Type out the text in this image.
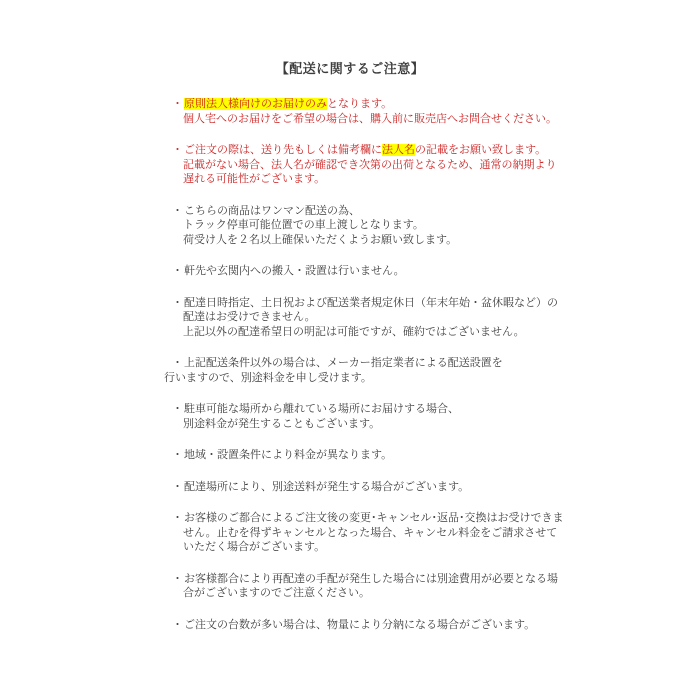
【配送に関するご注意】
・原則法人様向けのお届けのみとなります。
個人宅へのお届けをご希望の場合は、購入前に販売店へお問合せください。
・ご注文の際は、送り先もしくは備考欄に法人名の記載をお願い致します。
記載がない場合、法人名が確認でき次第の出荷となるため、通常の納期より
遅れる可能性がございます。
・こちらの商品はワンマン配送の為、
トラック停車可能位置での車上渡しとなります。
荷受け人を２名以上確保いただくようお願い致します。
・軒先や玄関内への搬入・設置は行いません。
・配達日時指定、土日祝および配送業者規定休日（年末年始・盆休暇など）の
配達はお受けできません。
上記以外の配達希望日の明記は可能ですが、確約ではございません。
・上記配送条件以外の場合は、メーカー指定業者による配送設置を
行いますので、別途料金を申し受けます。
・駐車可能な場所から離れている場所にお届けする場合、
別途料金が発生することもございます。
・地域・設置条件により料金が異なります。
・配達場所により、別途送料が発生する場合がございます。
・お客様のご都合によるご注文後の変更･キャンセル･返品･交換はお受けできま
せん。止むを得ずキャンセルとなった場合、キャンセル料金をご請求させて
いただく場合がございます。
・お客様都合により再配達の手配が発生した場合には別途費用が必要となる場
合がございますのでご注意ください。
・ご注文の台数が多い場合は、物量により分納になる場合がございます。
